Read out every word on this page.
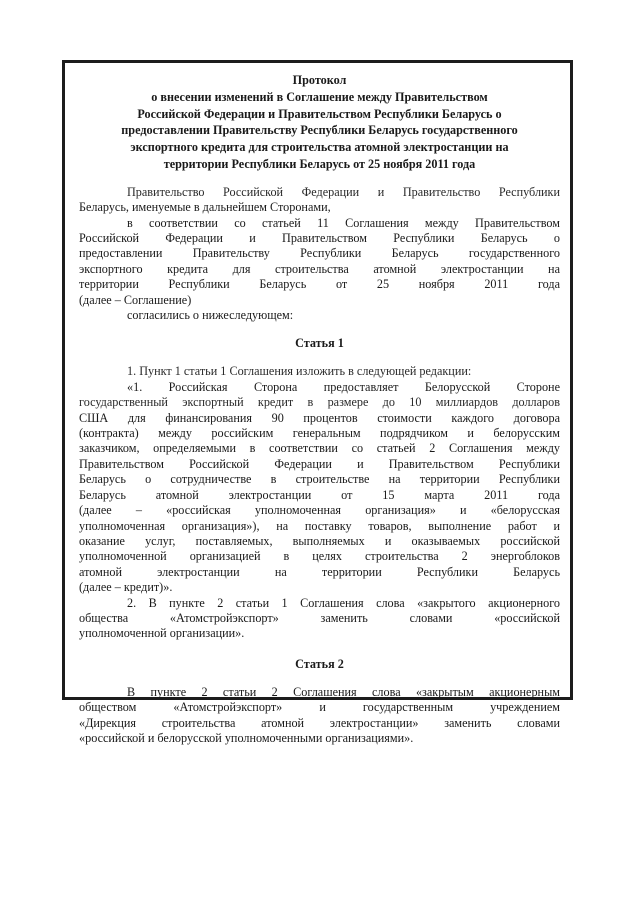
Протокол
о внесении изменений в Соглашение между Правительством
Российской Федерации и Правительством Республики Беларусь о
предоставлении Правительству Республики Беларусь государственного
экспортного кредита для строительства атомной электростанции на
территории Республики Беларусь от 25 ноября 2011 года
Правительство Российской Федерации и Правительство Республики
Беларусь, именуемые в дальнейшем Сторонами,
в соответствии со статьей 11 Соглашения между Правительством
Российской Федерации и Правительством Республики Беларусь о
предоставлении Правительству Республики Беларусь государственного
экспортного кредита для строительства атомной электростанции на
территории Республики Беларусь от 25 ноября 2011 года
(далее – Соглашение)
согласились о нижеследующем:
Статья 1
1. Пункт 1 статьи 1 Соглашения изложить в следующей редакции:
«1. Российская Сторона предоставляет Белорусской Стороне
государственный экспортный кредит в размере до 10 миллиардов долларов
США для финансирования 90 процентов стоимости каждого договора
(контракта) между российским генеральным подрядчиком и белорусским
заказчиком, определяемыми в соответствии со статьей 2 Соглашения между
Правительством Российской Федерации и Правительством Республики
Беларусь о сотрудничестве в строительстве на территории Республики
Беларусь атомной электростанции от 15 марта 2011 года
(далее – «российская уполномоченная организация» и «белорусская
уполномоченная организация»), на поставку товаров, выполнение работ и
оказание услуг, поставляемых, выполняемых и оказываемых российской
уполномоченной организацией в целях строительства 2 энергоблоков
атомной электростанции на территории Республики Беларусь
(далее – кредит)».
2. В пункте 2 статьи 1 Соглашения слова «закрытого акционерного
общества «Атомстройэкспорт» заменить словами «российской
уполномоченной организации».
Статья 2
В пункте 2 статьи 2 Соглашения слова «закрытым акционерным
обществом «Атомстройэкспорт» и государственным учреждением
«Дирекция строительства атомной электростанции» заменить словами
«российской и белорусской уполномоченными организациями».
